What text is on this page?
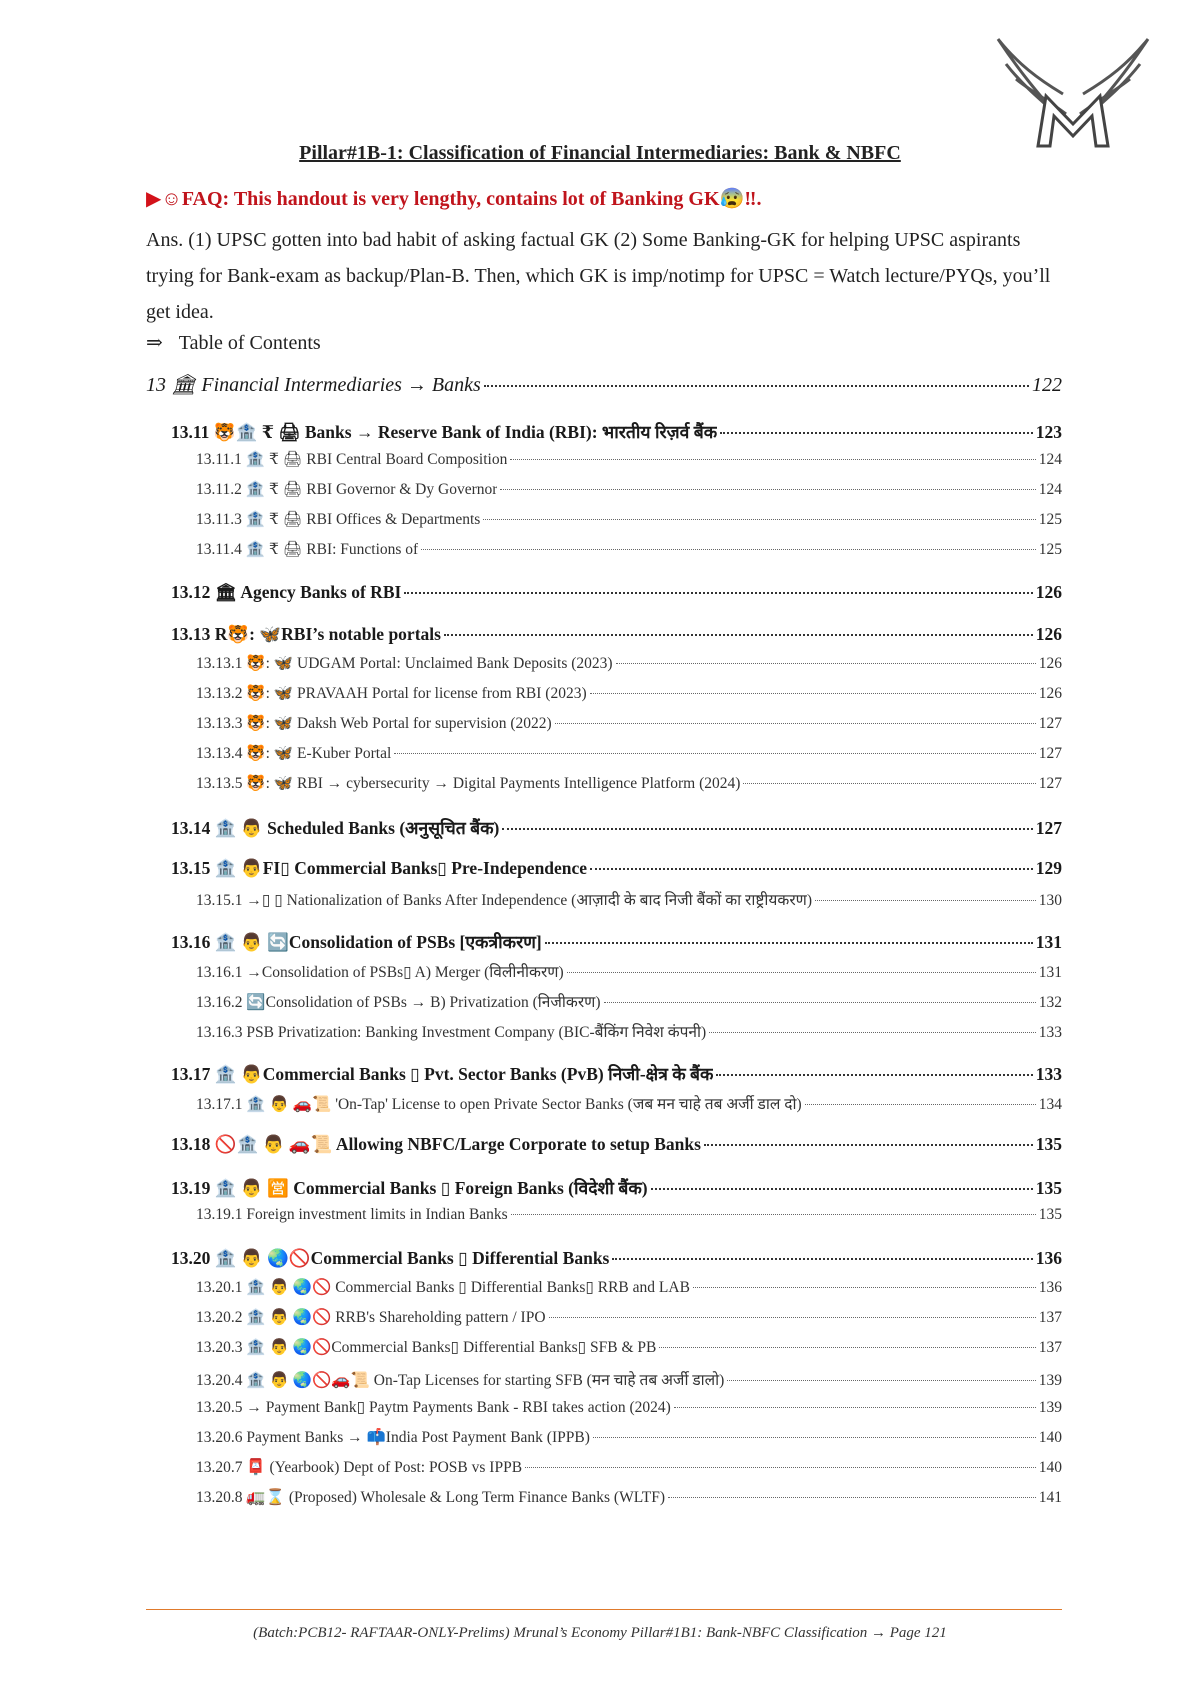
Pillar#1B-1: Classification of Financial Intermediaries: Bank & NBFC
▶☺FAQ: This handout is very lengthy, contains lot of Banking GK😰‼.
Ans. (1) UPSC gotten into bad habit of asking factual GK (2) Some Banking-GK for helping UPSC aspirants trying for Bank-exam as backup/Plan-B. Then, which GK is imp/notimp for UPSC = Watch lecture/PYQs, you’ll get idea.
⇒ Table of Contents
13 🏛 Financial Intermediaries → Banks	122
13.11 🐯🏦 ₹ 🖨 Banks → Reserve Bank of India (RBI): भारतीय रिज़र्व बैंक	123
13.11.1 🏦 ₹ 🖨 RBI Central Board Composition	124
13.11.2 🏦 ₹ 🖨 RBI Governor & Dy Governor	124
13.11.3 🏦 ₹ 🖨 RBI Offices & Departments	125
13.11.4 🏦 ₹ 🖨 RBI: Functions of	125
13.12 🏛 Agency Banks of RBI	126
13.13 R🐯: 🦋RBI’s notable portals	126
13.13.1 🐯: 🦋 UDGAM Portal: Unclaimed Bank Deposits (2023)	126
13.13.2 🐯: 🦋 PRAVAAH Portal for license from RBI (2023)	126
13.13.3 🐯: 🦋 Daksh Web Portal for supervision (2022)	127
13.13.4 🐯: 🦋 E-Kuber Portal	127
13.13.5 🐯: 🦋 RBI → cybersecurity → Digital Payments Intelligence Platform (2024)	127
13.14 🏦 👨 Scheduled Banks (अनुसूचित बैंक)	127
13.15 🏦 👨FI▯ Commercial Banks▯ Pre-Independence	129
13.15.1 →▯ ▯ Nationalization of Banks After Independence (आज़ादी के बाद निजी बैंकों का राष्ट्रीयकरण)	130
13.16 🏦 👨 🔄Consolidation of PSBs [एकत्रीकरण]	131
13.16.1 →Consolidation of PSBs▯ A) Merger (विलीनीकरण)	131
13.16.2 🔄Consolidation of PSBs → B) Privatization (निजीकरण)	132
13.16.3 PSB Privatization: Banking Investment Company (BIC-बैंकिंग निवेश कंपनी)	133
13.17 🏦 👨Commercial Banks ▯ Pvt. Sector Banks (PvB) निजी-क्षेत्र के बैंक	133
13.17.1 🏦 👨 🚗📜 'On-Tap' License to open Private Sector Banks (जब मन चाहे तब अर्जी डाल दो)	134
13.18 🚫🏦 👨 🚗📜 Allowing NBFC/Large Corporate to setup Banks	135
13.19 🏦 👨 🈺 Commercial Banks ▯ Foreign Banks (विदेशी बैंक)	135
13.19.1 Foreign investment limits in Indian Banks	135
13.20 🏦 👨 🌏🚫Commercial Banks ▯ Differential Banks	136
13.20.1 🏦 👨 🌏🚫 Commercial Banks ▯ Differential Banks▯ RRB and LAB	136
13.20.2 🏦 👨 🌏🚫 RRB's Shareholding pattern / IPO	137
13.20.3 🏦 👨 🌏🚫Commercial Banks▯ Differential Banks▯ SFB & PB	137
13.20.4 🏦 👨 🌏🚫🚗📜 On-Tap Licenses for starting SFB (मन चाहे तब अर्जी डालो)	139
13.20.5 → Payment Bank▯ Paytm Payments Bank - RBI takes action (2024)	139
13.20.6 Payment Banks → 📫India Post Payment Bank (IPPB)	140
13.20.7 📮 (Yearbook) Dept of Post: POSB vs IPPB	140
13.20.8 🚛⌛ (Proposed) Wholesale & Long Term Finance Banks (WLTF)	141
(Batch:PCB12- RAFTAAR-ONLY-Prelims) Mrunal’s Economy Pillar#1B1: Bank-NBFC Classification → Page 121
